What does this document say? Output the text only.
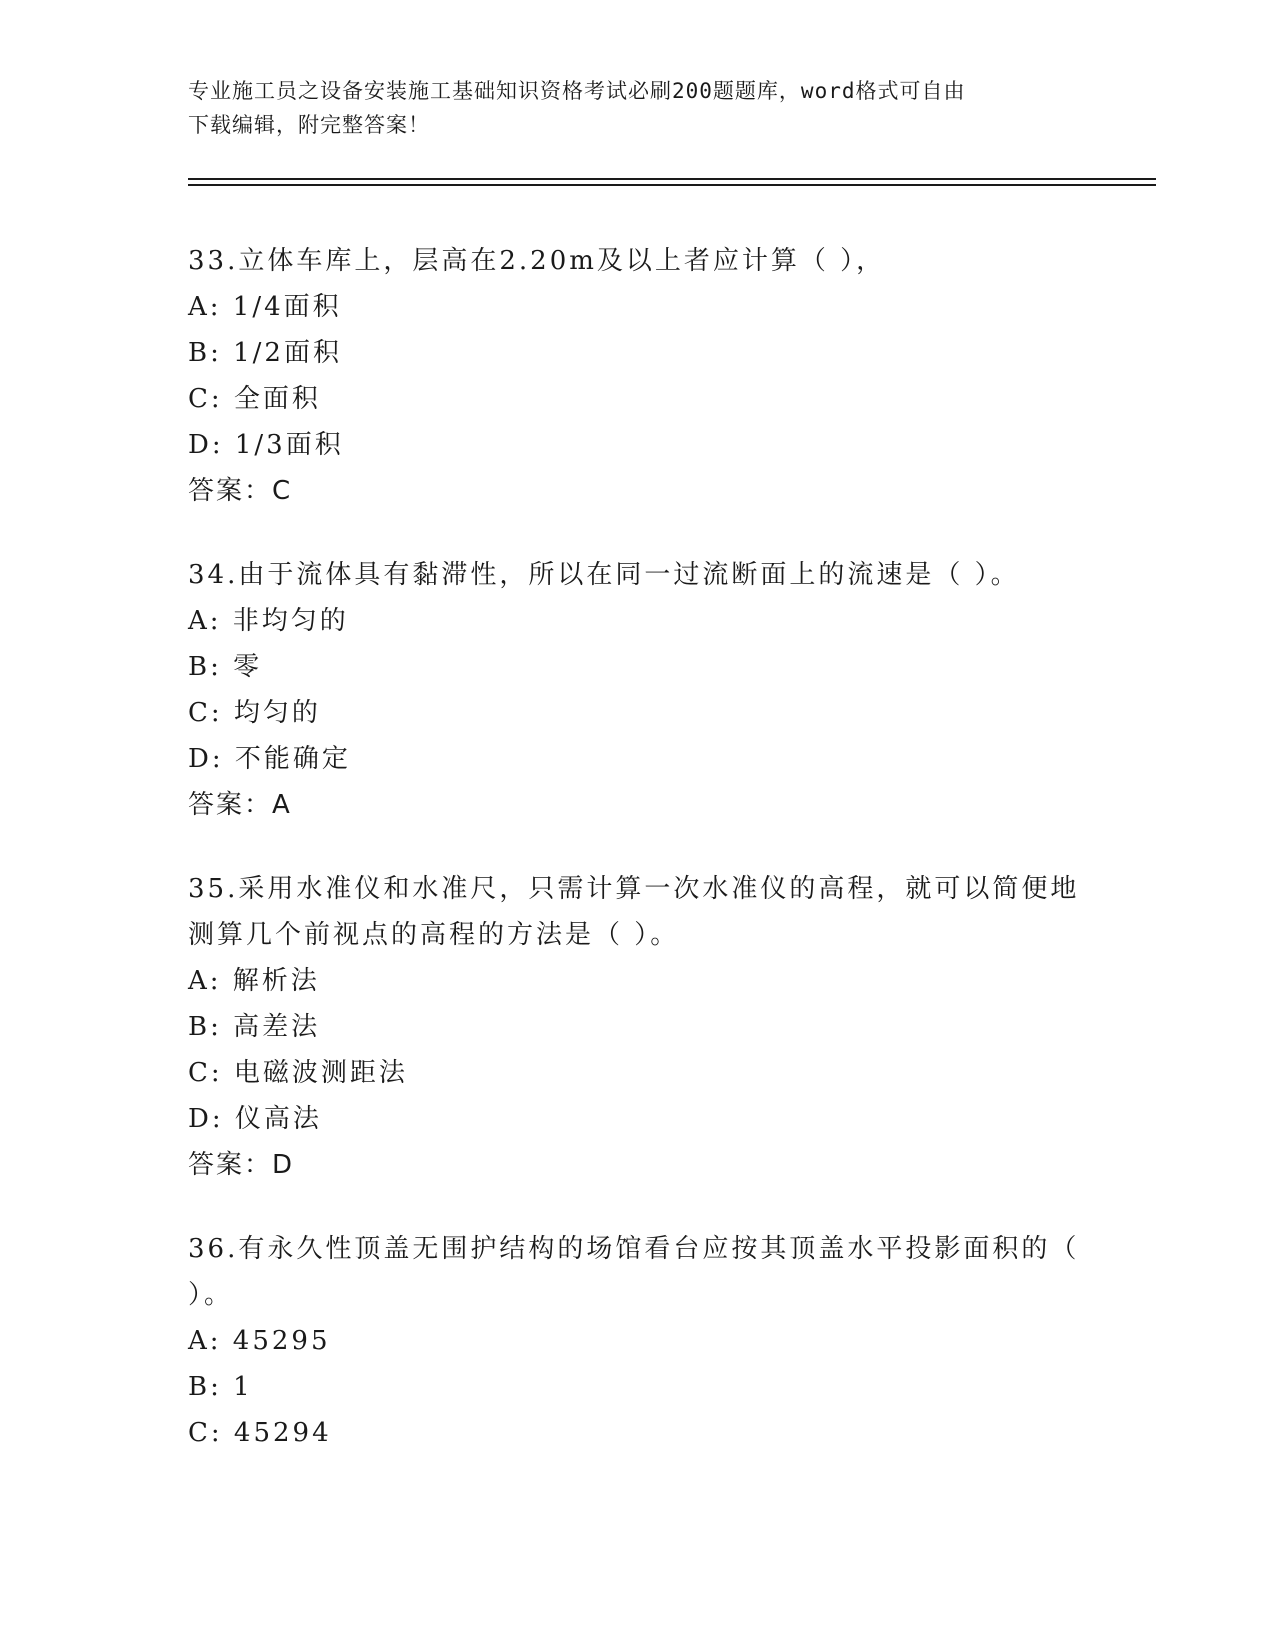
专业施工员之设备安装施工基础知识资格考试必刷200题题库，word格式可自由
下载编辑，附完整答案！
33.立体车库上，层高在2.20m及以上者应计算（ ），
A: 1/4面积
B: 1/2面积
C: 全面积
D: 1/3面积
答案：C
34.由于流体具有黏滞性，所以在同一过流断面上的流速是（ ）。
A: 非均匀的
B: 零
C: 均匀的
D: 不能确定
答案：A
35.采用水准仪和水准尺，只需计算一次水准仪的高程，就可以简便地
测算几个前视点的高程的方法是（ ）。
A: 解析法
B: 高差法
C: 电磁波测距法
D: 仪高法
答案：D
36.有永久性顶盖无围护结构的场馆看台应按其顶盖水平投影面积的（
）。
A: 45295
B: 1
C: 45294
